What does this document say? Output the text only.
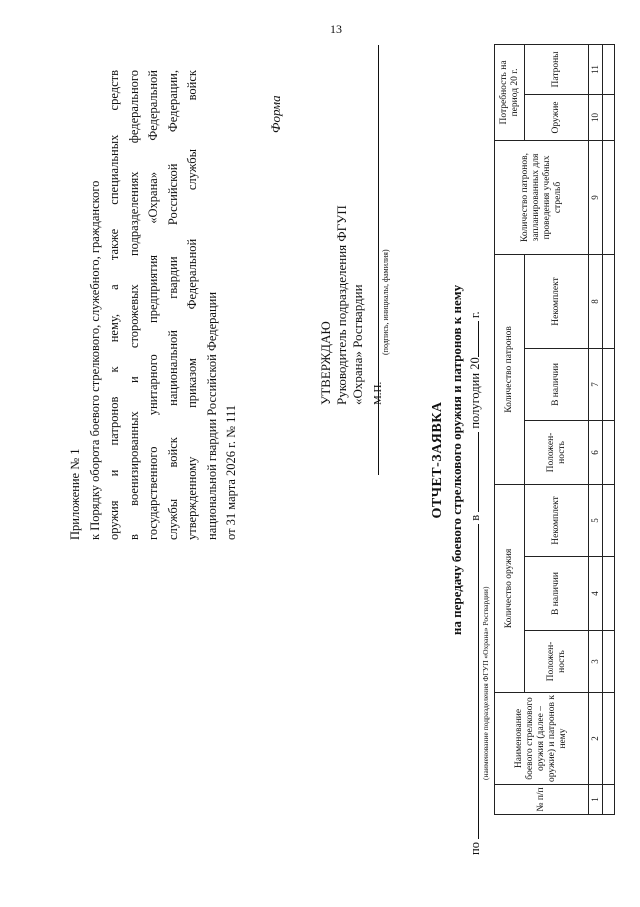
13
Приложение № 1 к Порядку оборота боевого стрелкового, служебного, гражданского оружия и патронов к нему, а также специальных средств в военизированных и сторожевых подразделениях федерального государственного унитарного предприятия «Охрана» Федеральной службы войск национальной гвардии Российской Федерации, утвержденному приказом Федеральной службы войск национальной гвардии Российской Федерации от 31 марта 2026 г. № 111
Форма
УТВЕРЖДАЮ Руководитель подразделения ФГУП «Охрана» Росгвардии М.П.
(подпись, инициалы, фамилия)
ОТЧЕТ-ЗАЯВКА на передачу боевого стрелкового оружия и патронов к нему
по  в  полугодии 20 г.
(наименование подразделения ФГУП «Охрана» Росгвардии)
№ п/п	Наименование боевого стрелкового оружия (далее – оружие) и патронов к нему	Количество оружия			Количество патронов			Количество патронов, запланированных для проведения учебных стрельб	Потребность на период 20 г.	
		Положен-ность	В наличии	Некомплект	Положен-ность	В наличии	Некомплект		Оружие	Патроны
1	2	3	4	5	6	7	8	9	10	11
